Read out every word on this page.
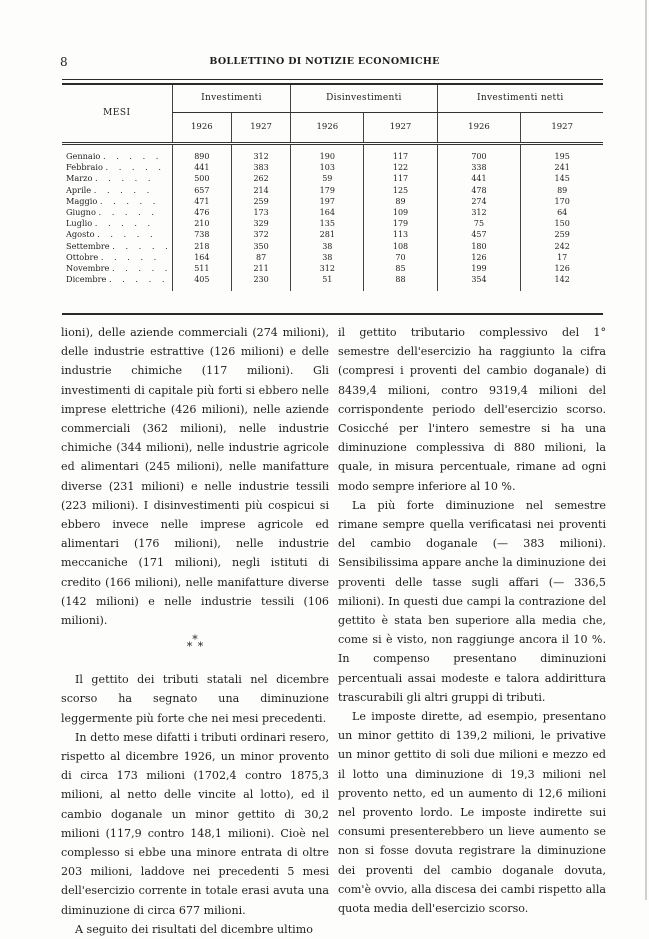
8	BOLLETTINO DI NOTIZIE ECONOMICHE
MESI	Investimenti		Disinvestimenti		Investimenti netti	
	1926	1927	1926	1927	1926	1927
Gennaio . . . . .	890	312	190	117	700	195
Febbraio . . . . .	441	383	103	122	338	241
Marzo . . . . .	500	262	59	117	441	145
Aprile . . . . .	657	214	179	125	478	89
Maggio . . . . .	471	259	197	89	274	170
Giugno . . . . .	476	173	164	109	312	64
Luglio . . . . .	210	329	135	179	75	150
Agosto . . . . .	738	372	281	113	457	259
Settembre . . . . .	218	350	38	108	180	242
Ottobre . . . . .	164	87	38	70	126	17
Novembre . . . . .	511	211	312	85	199	126
Dicembre . . . . .	405	230	51	88	354	142

lioni), delle aziende commerciali (274 milioni), delle industrie estrattive (126 milioni) e delle industrie chimiche (117 milioni). Gli investimenti di capitale più forti si ebbero nelle imprese elettriche (426 milioni), nelle aziende commerciali (362 milioni), nelle industrie chimiche (344 milioni), nelle industrie agricole ed alimentari (245 milioni), nelle manifatture diverse (231 milioni) e nelle industrie tessili (223 milioni). I disinvestimenti più cospicui si ebbero invece nelle imprese agricole ed alimentari (176 milioni), nelle industrie meccaniche (171 milioni), negli istituti di credito (166 milioni), nelle manifatture diverse (142 milioni) e nelle industrie tessili (106 milioni).

***

Il gettito dei tributi statali nel dicembre scorso ha segnato una diminuzione leggermente più forte che nei mesi precedenti.

In detto mese difatti i tributi ordinari resero, rispetto al dicembre 1926, un minor provento di circa 173 milioni (1702,4 contro 1875,3 milioni, al netto delle vincite al lotto), ed il cambio doganale un minor gettito di 30,2 milioni (117,9 contro 148,1 milioni). Cioè nel complesso si ebbe una minore entrata di oltre 203 milioni, laddove nei precedenti 5 mesi dell'esercizio corrente in totale erasi avuta una diminuzione di circa 677 milioni.

A seguito dei risultati del dicembre ultimo

il gettito tributario complessivo del 1° semestre dell'esercizio ha raggiunto la cifra (compresi i proventi del cambio doganale) di 8439,4 milioni, contro 9319,4 milioni del corrispondente periodo dell'esercizio scorso. Cosicché per l'intero semestre si ha una diminuzione complessiva di 880 milioni, la quale, in misura percentuale, rimane ad ogni modo sempre inferiore al 10 %.

La più forte diminuzione nel semestre rimane sempre quella verificatasi nei proventi del cambio doganale (— 383 milioni). Sensibilissima appare anche la diminuzione dei proventi delle tasse sugli affari (— 336,5 milioni). In questi due campi la contrazione del gettito è stata ben superiore alla media che, come si è visto, non raggiunge ancora il 10 %. In compenso presentano diminuzioni percentuali assai modeste e talora addirittura trascurabili gli altri gruppi di tributi.

Le imposte dirette, ad esempio, presentano un minor gettito di 139,2 milioni, le privative un minor gettito di soli due milioni e mezzo ed il lotto una diminuzione di 19,3 milioni nel provento netto, ed un aumento di 12,6 milioni nel provento lordo. Le imposte indirette sui consumi presenterebbero un lieve aumento se non si fosse dovuta registrare la diminuzione dei proventi del cambio doganale dovuta, com'è ovvio, alla discesa dei cambi rispetto alla quota media dell'esercizio scorso.
